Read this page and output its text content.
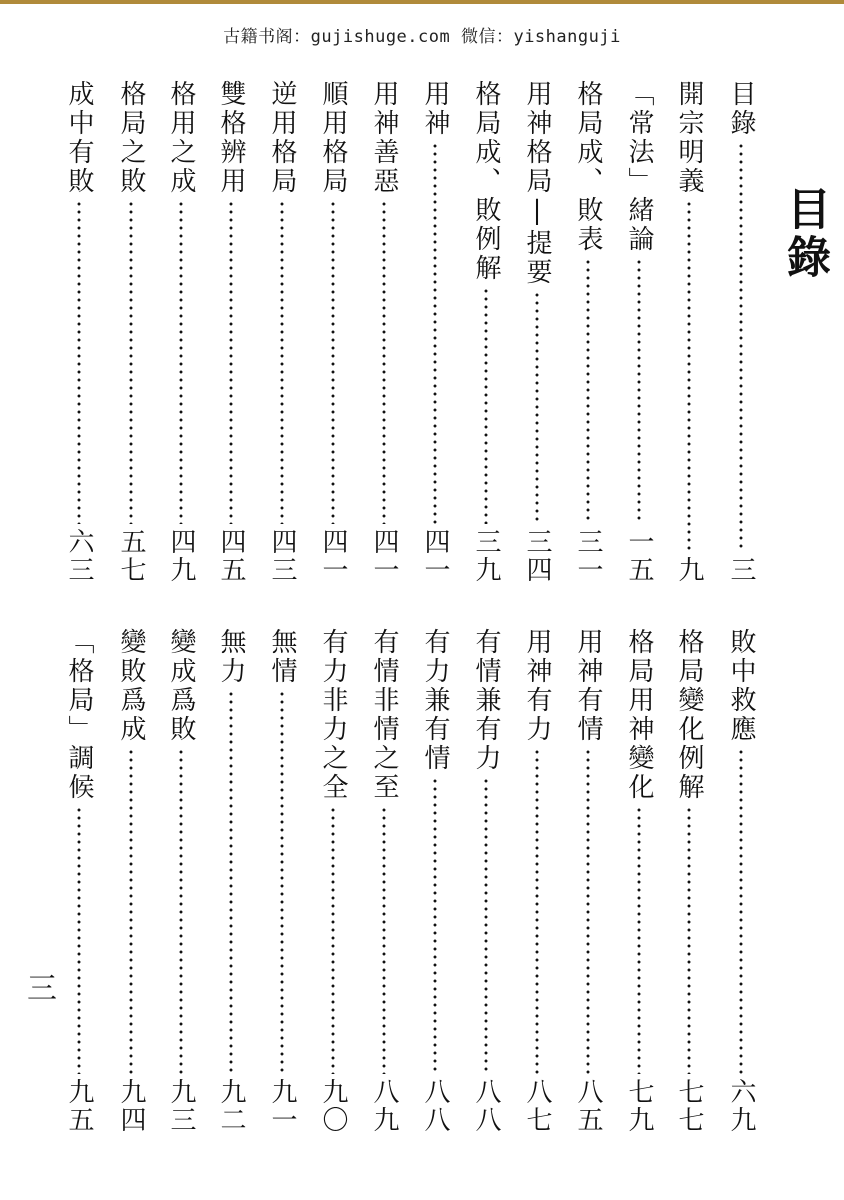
古籍书阁：gujishuge.com 微信：yishanguji
目錄
目錄
三
開宗明義
九
「常法」緒論
一五
格局成、敗表
三一
用神格局|提要
三四
格局成、敗例解
三九
用神
四一
用神善惡
四一
順用格局
四一
逆用格局
四三
雙格辨用
四五
格用之成
四九
格局之敗
五七
成中有敗
六三
敗中救應
六九
格局變化例解
七七
格局用神變化
七九
用神有情
八五
用神有力
八七
有情兼有力
八八
有力兼有情
八八
有情非情之至
八九
有力非力之全
九〇
無情
九一
無力
九二
變成爲敗
九三
變敗爲成
九四
「格局」調候
九五
三
